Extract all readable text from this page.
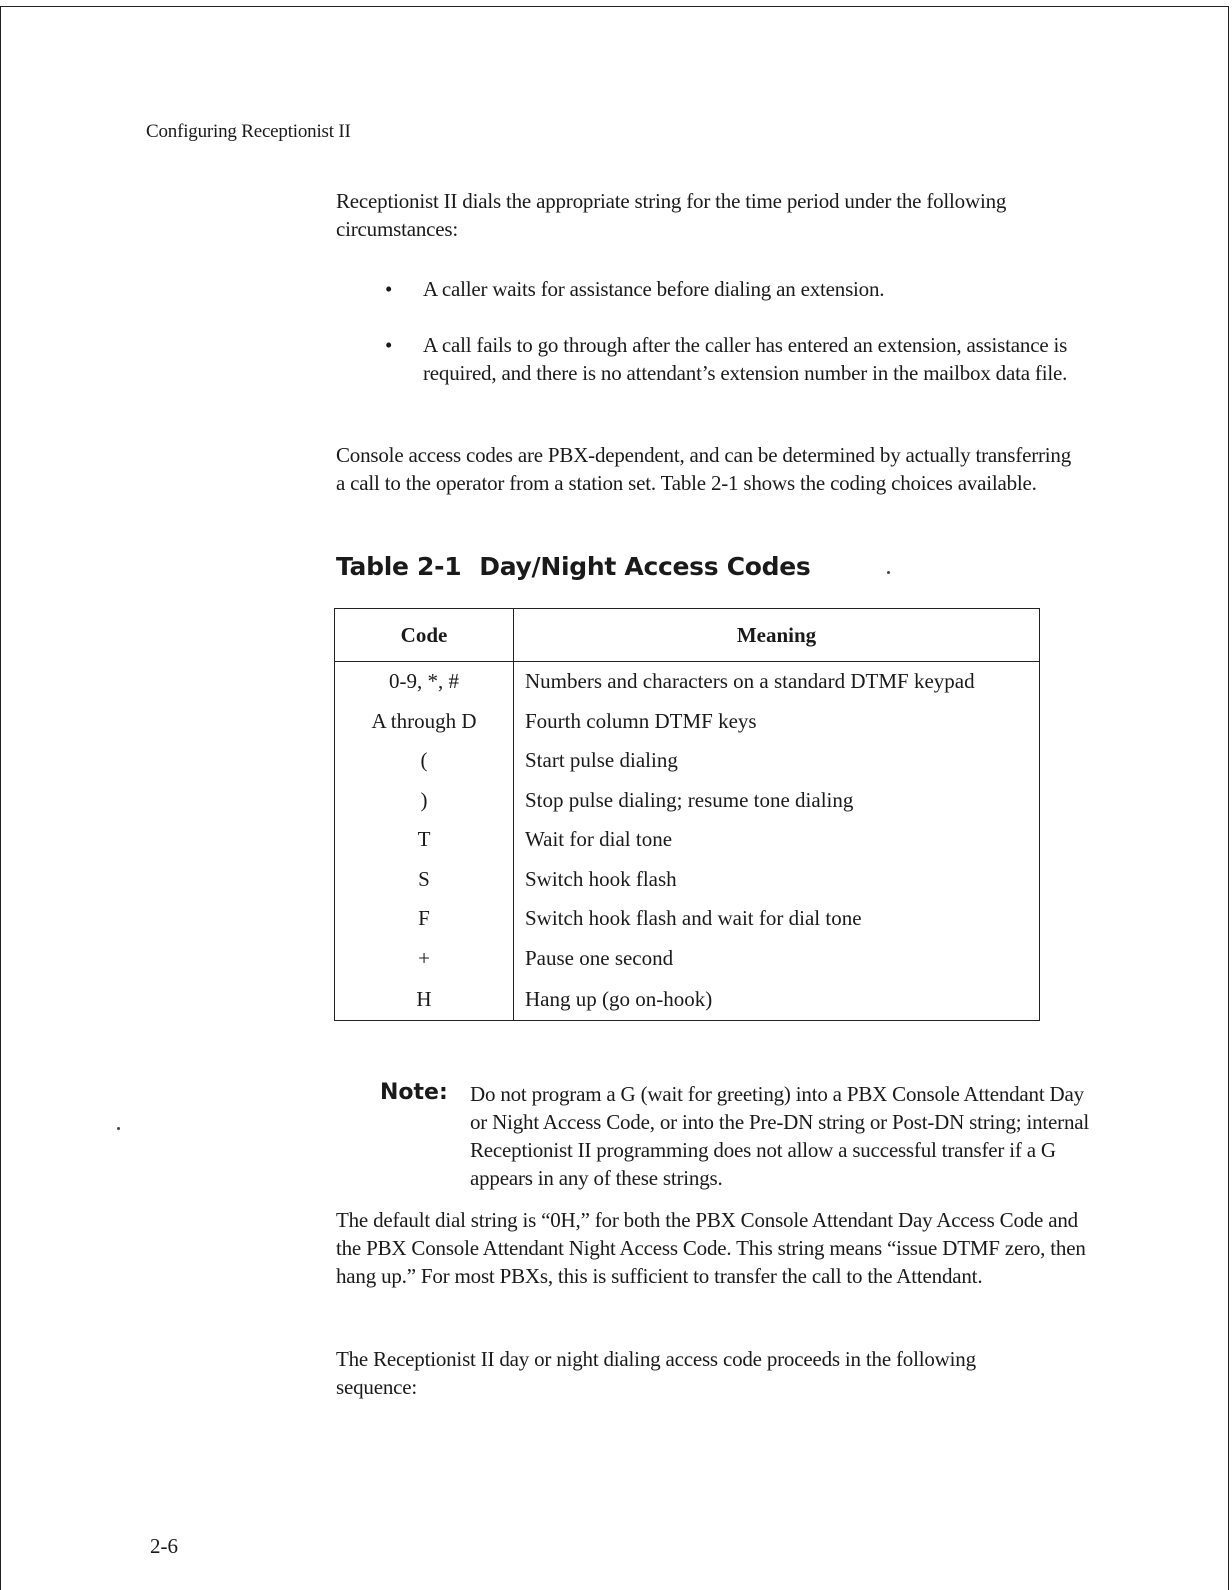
Configuring Receptionist II
Receptionist II dials the appropriate string for the time period under the following circumstances:
•	A caller waits for assistance before dialing an extension.
•	A call fails to go through after the caller has entered an extension, assistance is required, and there is no attendant’s extension number in the mailbox data file.
Console access codes are PBX-dependent, and can be determined by actually transferring a call to the operator from a station set. Table 2-1 shows the coding choices available.
Table 2-1 Day/Night Access Codes
Code	Meaning
0-9, *, #	Numbers and characters on a standard DTMF keypad
A through D	Fourth column DTMF keys
(	Start pulse dialing
)	Stop pulse dialing; resume tone dialing
T	Wait for dial tone
S	Switch hook flash
F	Switch hook flash and wait for dial tone
+	Pause one second
H	Hang up (go on-hook)
Note: Do not program a G (wait for greeting) into a PBX Console Attendant Day or Night Access Code, or into the Pre-DN string or Post-DN string; internal Receptionist II programming does not allow a successful transfer if a G appears in any of these strings.
The default dial string is “0H,” for both the PBX Console Attendant Day Access Code and the PBX Console Attendant Night Access Code. This string means “issue DTMF zero, then hang up.” For most PBXs, this is sufficient to transfer the call to the Attendant.
The Receptionist II day or night dialing access code proceeds in the following sequence:
2-6
